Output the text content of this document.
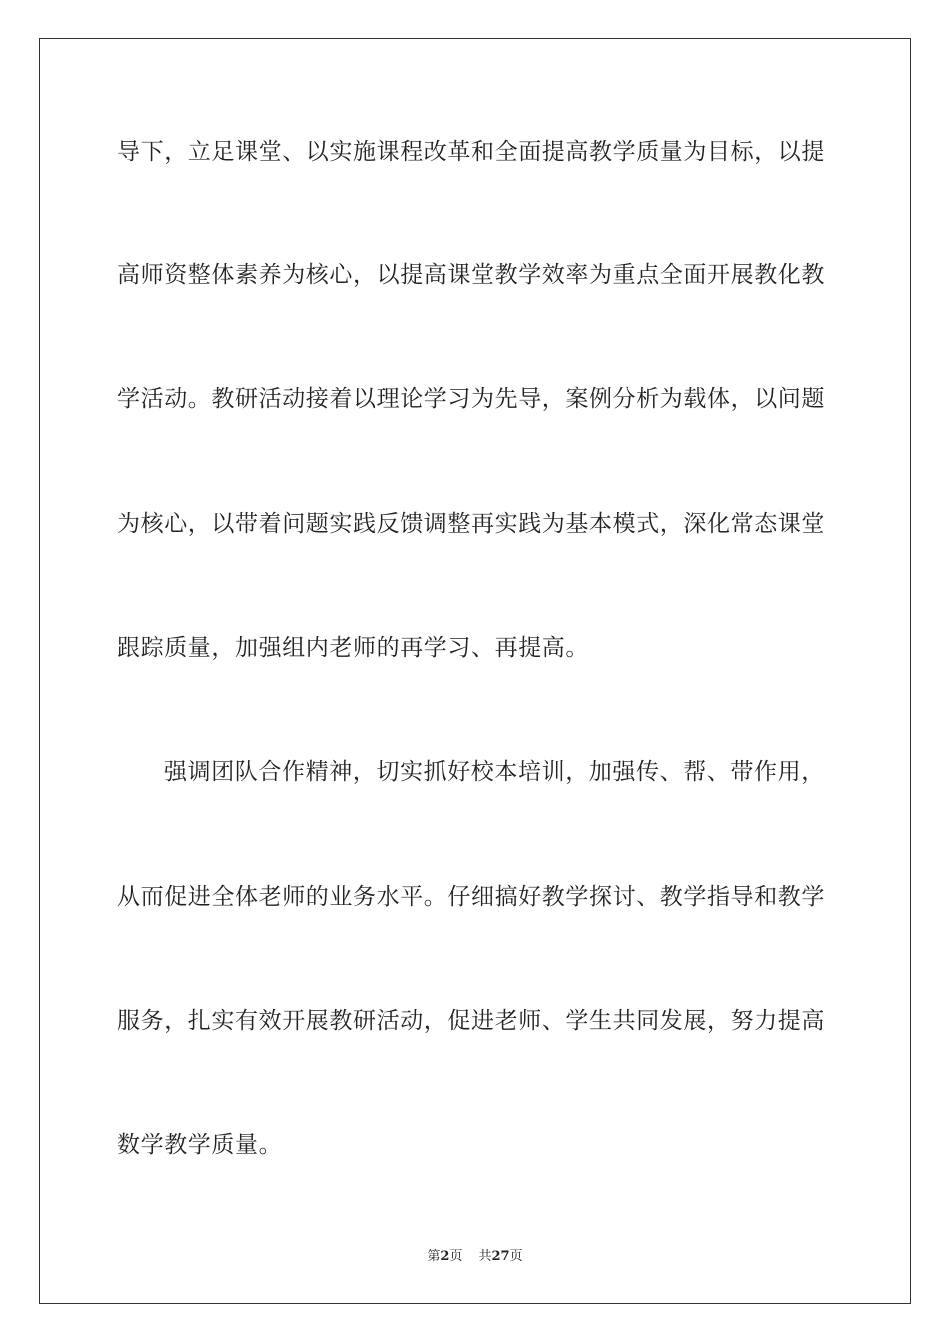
导下，立足课堂、以实施课程改革和全面提高教学质量为目标，以提
高师资整体素养为核心，以提高课堂教学效率为重点全面开展教化教
学活动。教研活动接着以理论学习为先导，案例分析为载体，以问题
为核心，以带着问题实践反馈调整再实践为基本模式，深化常态课堂
跟踪质量，加强组内老师的再学习、再提高。
强调团队合作精神，切实抓好校本培训，加强传、帮、带作用，
从而促进全体老师的业务水平。仔细搞好教学探讨、教学指导和教学
服务，扎实有效开展教研活动，促进老师、学生共同发展，努力提高
数学教学质量。
第2页 共27页
